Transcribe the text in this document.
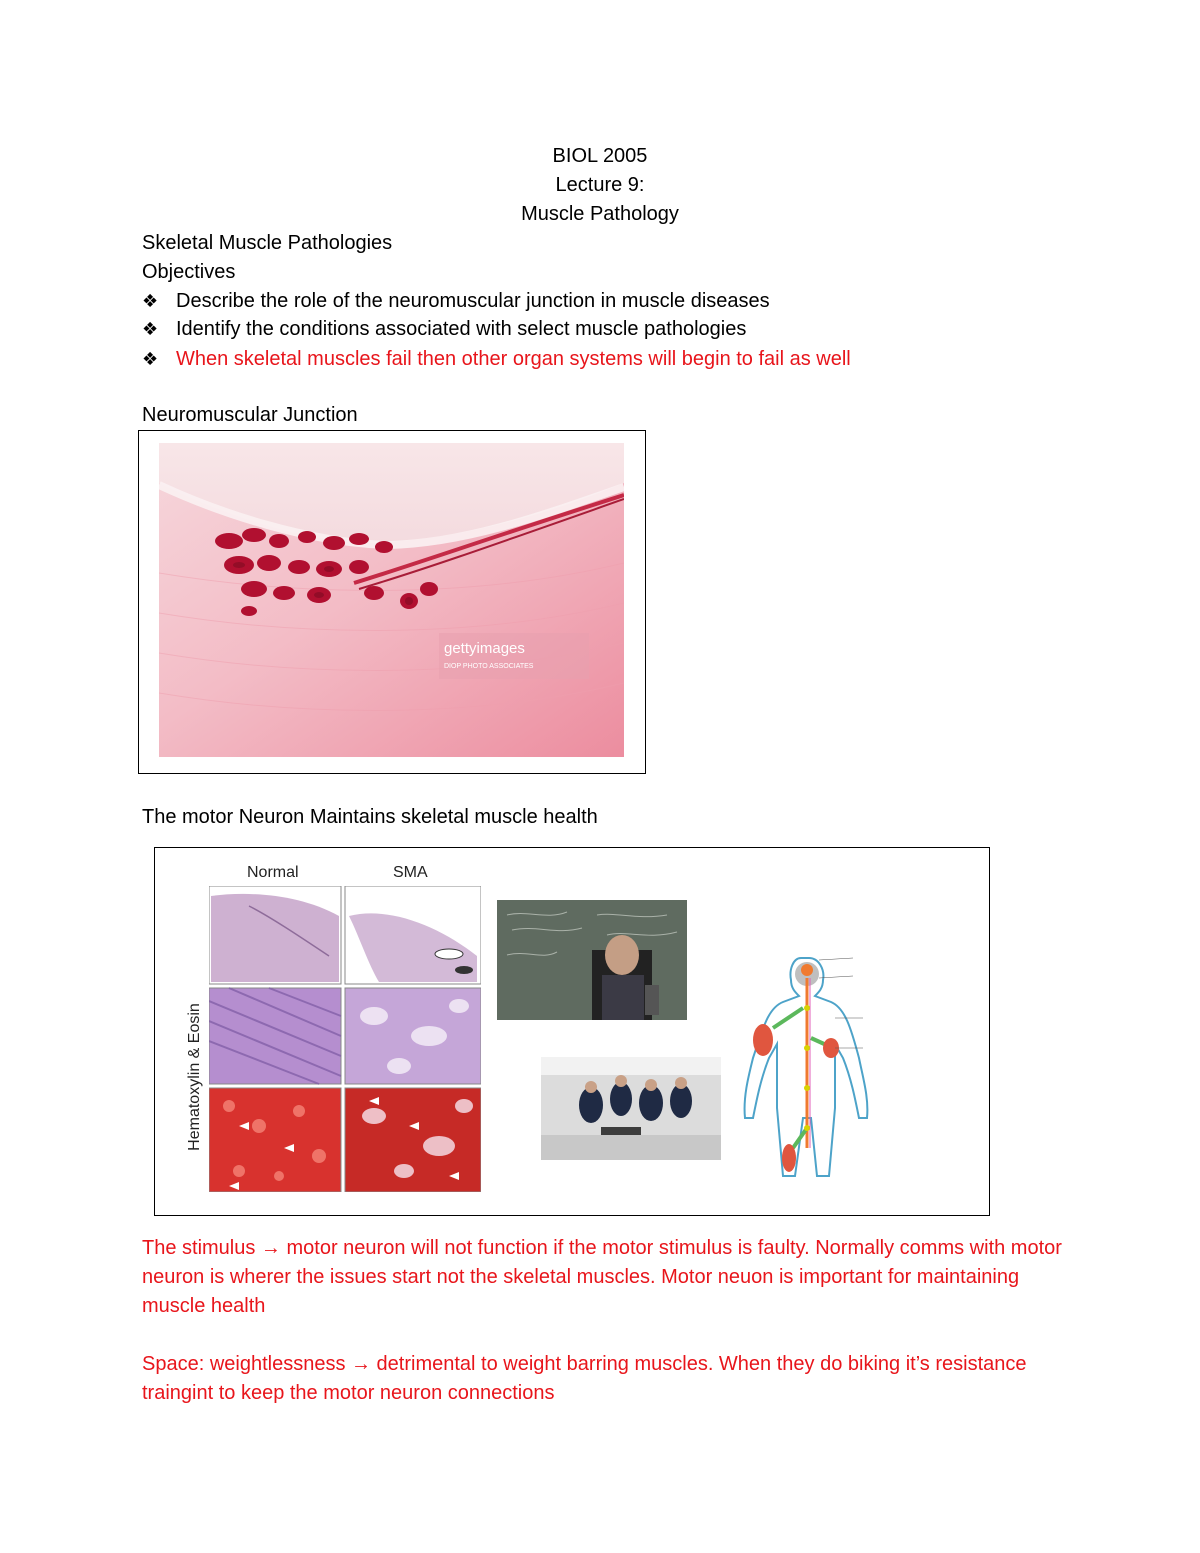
BIOL 2005
Lecture 9:
Muscle Pathology
Skeletal Muscle Pathologies
Objectives
❖ Describe the role of the neuromuscular junction in muscle diseases
❖ Identify the conditions associated with select muscle pathologies
❖ When skeletal muscles fail then other organ systems will begin to fail as well
Neuromuscular Junction
gettyimages
DIOP PHOTO ASSOCIATES
The motor Neuron Maintains skeletal muscle health
Normal	SMA
Hematoxylin & Eosin
The stimulus → motor neuron will not function if the motor stimulus is faulty. Normally comms with motor neuron is wherer the issues start not the skeletal muscles. Motor neuon is important for maintaining muscle health
Space: weightlessness → detrimental to weight barring muscles. When they do biking it’s resistance traingint to keep the motor neuron connections
